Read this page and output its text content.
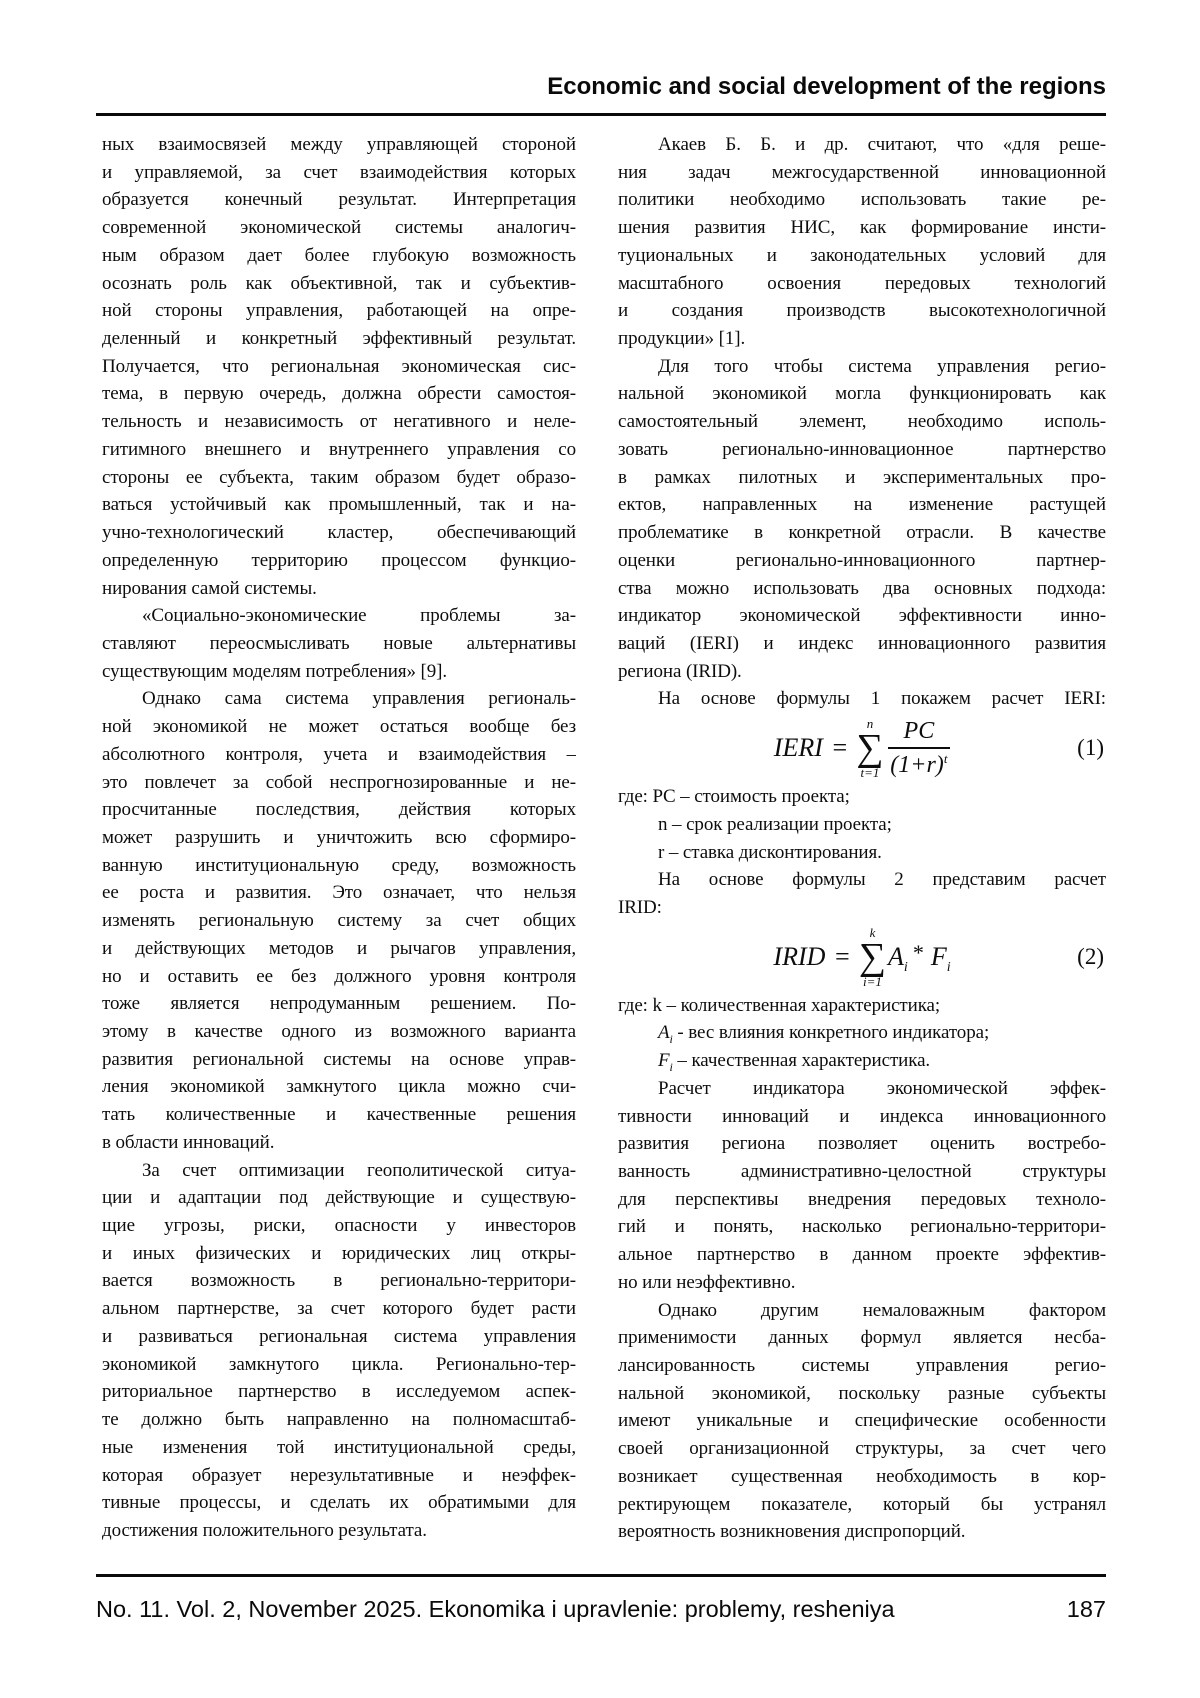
Economic and social development of the regions
ных взаимосвязей между управляющей стороной
и управляемой, за счет взаимодействия которых
образуется конечный результат. Интерпретация
современной экономической системы аналогич-
ным образом дает более глубокую возможность
осознать роль как объективной, так и субъектив-
ной стороны управления, работающей на опре-
деленный и конкретный эффективный результат.
Получается, что региональная экономическая сис-
тема, в первую очередь, должна обрести самостоя-
тельность и независимость от негативного и неле-
гитимного внешнего и внутреннего управления со
стороны ее субъекта, таким образом будет образо-
ваться устойчивый как промышленный, так и на-
учно-технологический кластер, обеспечивающий
определенную территорию процессом функцио-
нирования самой системы.
«Социально-экономические проблемы за-
ставляют переосмысливать новые альтернативы
существующим моделям потребления» [9].
Однако сама система управления региональ-
ной экономикой не может остаться вообще без
абсолютного контроля, учета и взаимодействия –
это повлечет за собой неспрогнозированные и не-
просчитанные последствия, действия которых
может разрушить и уничтожить всю сформиро-
ванную институциональную среду, возможность
ее роста и развития. Это означает, что нельзя
изменять региональную систему за счет общих
и действующих методов и рычагов управления,
но и оставить ее без должного уровня контроля
тоже является непродуманным решением. По-
этому в качестве одного из возможного варианта
развития региональной системы на основе управ-
ления экономикой замкнутого цикла можно счи-
тать количественные и качественные решения
в области инноваций.
За счет оптимизации геополитической ситуа-
ции и адаптации под действующие и существую-
щие угрозы, риски, опасности у инвесторов
и иных физических и юридических лиц откры-
вается возможность в регионально-территори-
альном партнерстве, за счет которого будет расти
и развиваться региональная система управления
экономикой замкнутого цикла. Регионально-тер-
риториальное партнерство в исследуемом аспек-
те должно быть направленно на полномасштаб-
ные изменения той институциональной среды,
которая образует нерезультативные и неэффек-
тивные процессы, и сделать их обратимыми для
достижения положительного результата.
Акаев Б. Б. и др. считают, что «для реше-
ния задач межгосударственной инновационной
политики необходимо использовать такие ре-
шения развития НИС, как формирование инсти-
туциональных и законодательных условий для
масштабного освоения передовых технологий
и создания производств высокотехнологичной
продукции» [1].
Для того чтобы система управления регио-
нальной экономикой могла функционировать как
самостоятельный элемент, необходимо исполь-
зовать регионально-инновационное партнерство
в рамках пилотных и экспериментальных про-
ектов, направленных на изменение растущей
проблематике в конкретной отрасли. В качестве
оценки регионально-инновационного партнер-
ства можно использовать два основных подхода:
индикатор экономической эффективности инно-
ваций (IERI) и индекс инновационного развития
региона (IRID).
На основе формулы 1 покажем расчет IERI:
IERI =
n
∑
$t=1 \frac{PC}{(1+r)^t}$	(1)
где: PC – стоимость проекта;
n – срок реализации проекта;
r – ставка дисконтирования.
На основе формулы 2 представим расчет
IRID:
IRID =
k
∑
i=1
$A_i$
* $F_i$	(2)
где: k – количественная характеристика;
$A_i$ - вес влияния конкретного индикатора;
$F_i$ – качественная характеристика.
Расчет индикатора экономической эффек-
тивности инноваций и индекса инновационного
развития региона позволяет оценить востребо-
ванность административно-целостной структуры
для перспективы внедрения передовых техноло-
гий и понять, насколько регионально-территори-
альное партнерство в данном проекте эффектив-
но или неэффективно.
Однако другим немаловажным фактором
применимости данных формул является несба-
лансированность системы управления регио-
нальной экономикой, поскольку разные субъекты
имеют уникальные и специфические особенности
своей организационной структуры, за счет чего
возникает существенная необходимость в кор-
ректирующем показателе, который бы устранял
вероятность возникновения диспропорций.
No. 11. Vol. 2, November 2025. Ekonomika i upravlenie: problemy, resheniya	187
